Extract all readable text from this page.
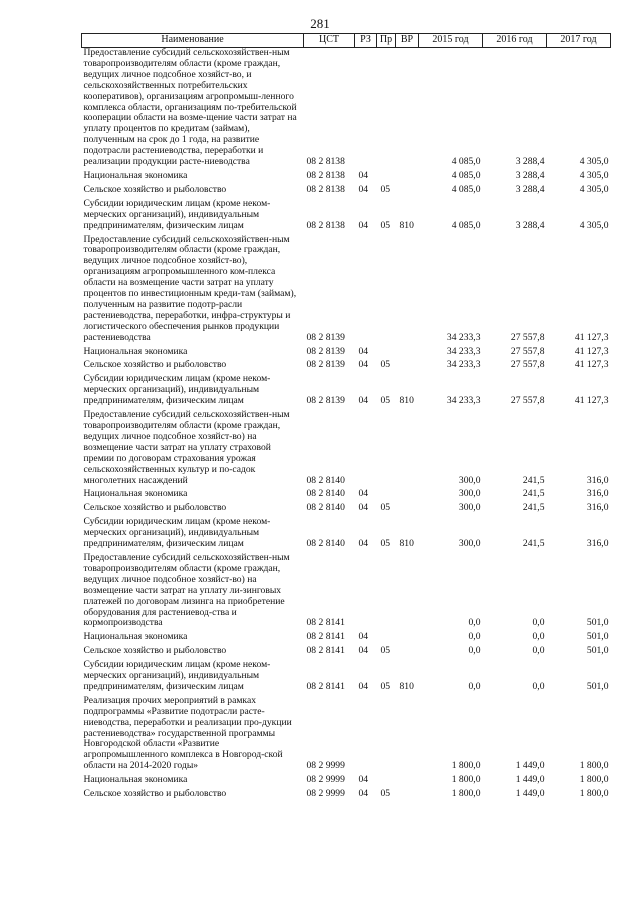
281
Наименование	ЦСТ	РЗ	Пр	ВР	2015 год	2016 год	2017 год
Предоставление субсидий сельскохозяйствен-ным товаропроизводителям области (кроме граждан, ведущих личное подсобное хозяйст-во, и сельскохозяйственных потребительских кооперативов), организациям агропромыш-ленного комплекса области, организациям по-требительской кооперации области на возме-щение части затрат на уплату процентов по кредитам (займам), полученным на срок до 1 года, на развитие подотрасли растениеводства, переработки и реализации продукции расте-ниеводства	08 2 8138				4 085,0	3 288,4	4 305,0
Национальная экономика	08 2 8138	04			4 085,0	3 288,4	4 305,0
Сельское хозяйство и рыболовство	08 2 8138	04	05		4 085,0	3 288,4	4 305,0
Субсидии юридическим лицам (кроме неком-мерческих организаций), индивидуальным предпринимателям, физическим лицам	08 2 8138	04	05	810	4 085,0	3 288,4	4 305,0
Предоставление субсидий сельскохозяйствен-ным товаропроизводителям области (кроме граждан, ведущих личное подсобное хозяйст-во), организациям агропромышленного ком-плекса области на возмещение части затрат на уплату процентов по инвестиционным креди-там (займам), полученным на развитие подотр-расли растениеводства, переработки, инфра-структуры и логистического обеспечения рынков продукции растениеводства	08 2 8139				34 233,3	27 557,8	41 127,3
Национальная экономика	08 2 8139	04			34 233,3	27 557,8	41 127,3
Сельское хозяйство и рыболовство	08 2 8139	04	05		34 233,3	27 557,8	41 127,3
Субсидии юридическим лицам (кроме неком-мерческих организаций), индивидуальным предпринимателям, физическим лицам	08 2 8139	04	05	810	34 233,3	27 557,8	41 127,3
Предоставление субсидий сельскохозяйствен-ным товаропроизводителям области (кроме граждан, ведущих личное подсобное хозяйст-во) на возмещение части затрат на уплату страховой премии по договорам страхования урожая сельскохозяйственных культур и по-садок многолетних насаждений	08 2 8140				300,0	241,5	316,0
Национальная экономика	08 2 8140	04			300,0	241,5	316,0
Сельское хозяйство и рыболовство	08 2 8140	04	05		300,0	241,5	316,0
Субсидии юридическим лицам (кроме неком-мерческих организаций), индивидуальным предпринимателям, физическим лицам	08 2 8140	04	05	810	300,0	241,5	316,0
Предоставление субсидий сельскохозяйствен-ным товаропроизводителям области (кроме граждан, ведущих личное подсобное хозяйст-во) на возмещение части затрат на уплату ли-зинговых платежей по договорам лизинга на приобретение оборудования для растениевод-ства и кормопроизводства	08 2 8141				0,0	0,0	501,0
Национальная экономика	08 2 8141	04			0,0	0,0	501,0
Сельское хозяйство и рыболовство	08 2 8141	04	05		0,0	0,0	501,0
Субсидии юридическим лицам (кроме неком-мерческих организаций), индивидуальным предпринимателям, физическим лицам	08 2 8141	04	05	810	0,0	0,0	501,0
Реализация прочих мероприятий в рамках подпрограммы «Развитие подотрасли расте-ниеводства, переработки и реализации про-дукции растениеводства» государственной программы Новгородской области «Развитие агропромышленного комплекса в Новгород-ской области на 2014-2020 годы»	08 2 9999				1 800,0	1 449,0	1 800,0
Национальная экономика	08 2 9999	04			1 800,0	1 449,0	1 800,0
Сельское хозяйство и рыболовство	08 2 9999	04	05		1 800,0	1 449,0	1 800,0
